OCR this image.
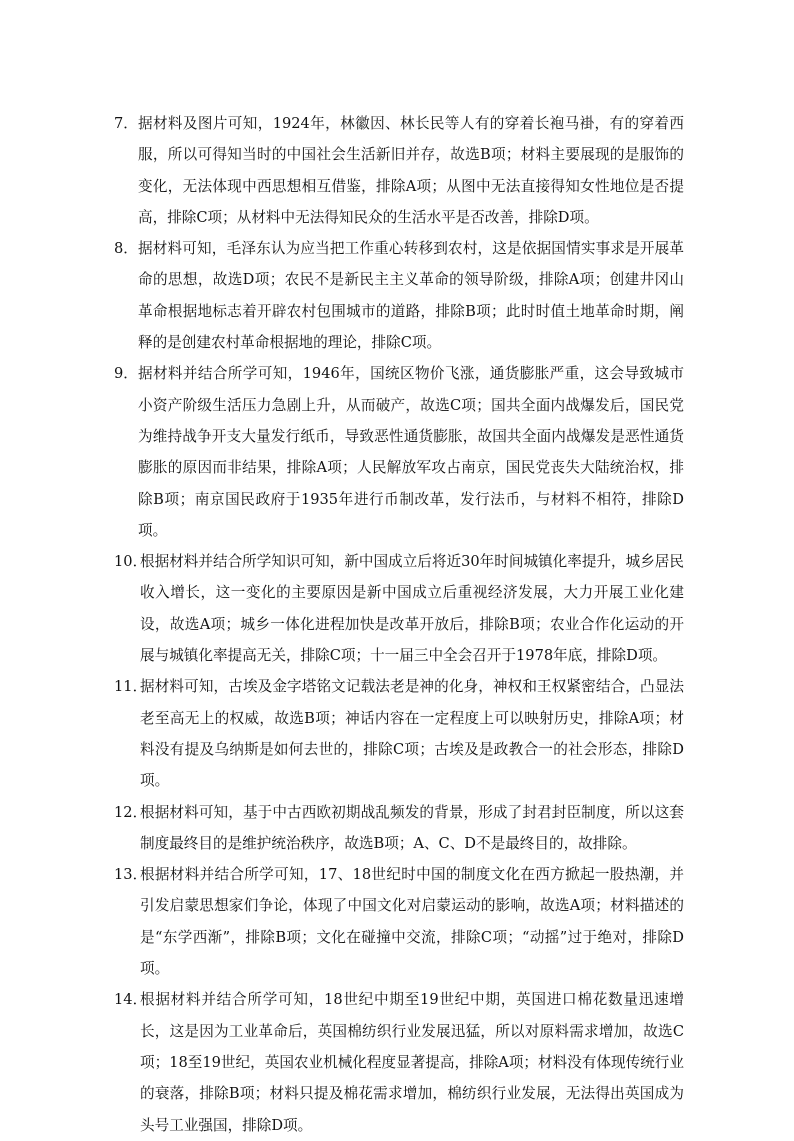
7． 据材料及图片可知，1924年，林徽因、林长民等人有的穿着长袍马褂，有的穿着西服，所以可得知当时的中国社会生活新旧并存，故选B项；材料主要展现的是服饰的变化，无法体现中西思想相互借鉴，排除A项；从图中无法直接得知女性地位是否提高，排除C项；从材料中无法得知民众的生活水平是否改善，排除D项。

8． 据材料可知，毛泽东认为应当把工作重心转移到农村，这是依据国情实事求是开展革命的思想，故选D项；农民不是新民主主义革命的领导阶级，排除A项；创建井冈山革命根据地标志着开辟农村包围城市的道路，排除B项；此时时值土地革命时期，阐释的是创建农村革命根据地的理论，排除C项。

9． 据材料并结合所学可知，1946年，国统区物价飞涨，通货膨胀严重，这会导致城市小资产阶级生活压力急剧上升，从而破产，故选C项；国共全面内战爆发后，国民党为维持战争开支大量发行纸币，导致恶性通货膨胀，故国共全面内战爆发是恶性通货膨胀的原因而非结果，排除A项；人民解放军攻占南京，国民党丧失大陆统治权，排除B项；南京国民政府于1935年进行币制改革，发行法币，与材料不相符，排除D项。

10．
根据材料并结合所学知识可知，新中国成立后将近30年时间城镇化率提升，城乡居民收入增长，这一变化的主要原因是新中国成立后重视经济发展，大力开展工业化建设，故选A项；城乡一体化进程加快是改革开放后，排除B项；农业合作化运动的开展与城镇化率提高无关，排除C项；十一届三中全会召开于1978年底，排除D项。

11．
据材料可知，古埃及金字塔铭文记载法老是神的化身，神权和王权紧密结合，凸显法老至高无上的权威，故选B项；神话内容在一定程度上可以映射历史，排除A项；材料没有提及乌纳斯是如何去世的，排除C项；古埃及是政教合一的社会形态，排除D项。

12．
根据材料可知，基于中古西欧初期战乱频发的背景，形成了封君封臣制度，所以这套制度最终目的是维护统治秩序，故选B项；A、C、D不是最终目的，故排除。

13．
根据材料并结合所学可知，17、18世纪时中国的制度文化在西方掀起一股热潮，并引发启蒙思想家们争论，体现了中国文化对启蒙运动的影响，故选A项；材料描述的是“东学西渐”，排除B项；文化在碰撞中交流，排除C项；“动摇”过于绝对，排除D项。

14．
根据材料并结合所学可知，18世纪中期至19世纪中期，英国进口棉花数量迅速增长，这是因为工业革命后，英国棉纺织行业发展迅猛，所以对原料需求增加，故选C项；18至19世纪，英国农业机械化程度显著提高，排除A项；材料没有体现传统行业的衰落，排除B项；材料只提及棉花需求增加，棉纺织行业发展，无法得出英国成为头号工业强国，排除D项。
